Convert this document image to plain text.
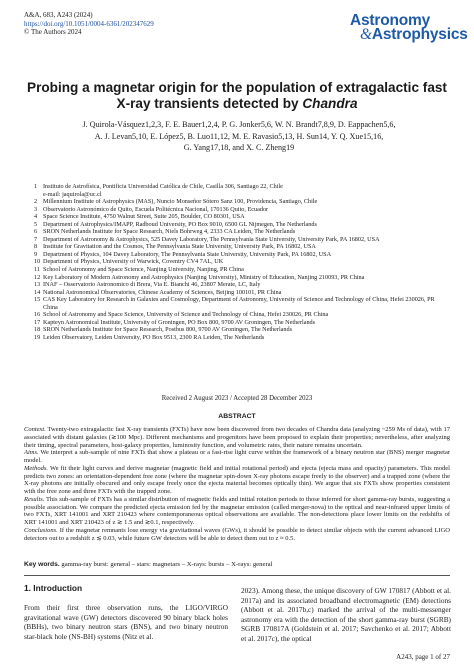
A&A, 683, A243 (2024)
https://doi.org/10.1051/0004-6361/202347629
© The Authors 2024
Astronomy
&Astrophysics
Probing a magnetar origin for the population of extragalactic fast
X-ray transients detected by Chandra
J. Quirola-Vásquez1,2,3, F. E. Bauer1,2,4, P. G. Jonker5,6, W. N. Brandt7,8,9, D. Eappachen5,6,
A. J. Levan5,10, E. López5, B. Luo11,12, M. E. Ravasio5,13, H. Sun14, Y. Q. Xue15,16,
G. Yang17,18, and X. C. Zheng19
1 Instituto de Astrofísica, Pontificia Universidad Católica de Chile, Casilla 306, Santiago 22, Chile
e-mail: jaquirola@uc.cl
2 Millennium Institute of Astrophysics (MAS), Nuncio Monseñor Sótero Sanz 100, Providencia, Santiago, Chile
3 Observatorio Astronómico de Quito, Escuela Politécnica Nacional, 170136 Quito, Ecuador
4 Space Science Institute, 4750 Walnut Street, Suite 205, Boulder, CO 80301, USA
5 Department of Astrophysics/IMAPP, Radboud University, PO Box 9010, 6500 GL Nijmegen, The Netherlands
6 SRON Netherlands Institute for Space Research, Niels Bohrweg 4, 2333 CA Leiden, The Netherlands
7 Department of Astronomy & Astrophysics, 525 Davey Laboratory, The Pennsylvania State University, University Park, PA 16802, USA
8 Institute for Gravitation and the Cosmos, The Pennsylvania State University, University Park, PA 16802, USA
9 Department of Physics, 104 Davey Laboratory, The Pennsylvania State University, University Park, PA 16802, USA
10 Department of Physics, University of Warwick, Coventry CV4 7AL, UK
11 School of Astronomy and Space Science, Nanjing University, Nanjing, PR China
12 Key Laboratory of Modern Astronomy and Astrophysics (Nanjing University), Ministry of Education, Nanjing 210093, PR China
13 INAF – Osservatorio Astronomico di Brera, Via E. Bianchi 46, 23807 Merate, LC, Italy
14 National Astronomical Observatories, Chinese Academy of Sciences, Beijing 100101, PR China
15 CAS Key Laboratory for Research in Galaxies and Cosmology, Department of Astronomy, University of Science and Technology of China, Hefei 230026, PR China
16 School of Astronomy and Space Science, University of Science and Technology of China, Hefei 230026, PR China
17 Kapteyn Astronomical Institute, University of Groningen, PO Box 800, 9700 AV Groningen, The Netherlands
18 SRON Netherlands Institute for Space Research, Postbus 800, 9700 AV Groningen, The Netherlands
19 Leiden Observatory, Leiden University, PO Box 9513, 2300 RA Leiden, The Netherlands
Received 2 August 2023 / Accepted 28 December 2023
ABSTRACT

Context. Twenty-two extragalactic fast X-ray transients (FXTs) have now been discovered from two decades of Chandra data (analyzing ~259 Ms of data), with 17 associated with distant galaxies (≳100 Mpc). Different mechanisms and progenitors have been proposed to explain their properties; nevertheless, after analyzing their timing, spectral parameters, host-galaxy properties, luminosity function, and volumetric rates, their nature remains uncertain.

Aims. We interpret a sub-sample of nine FXTs that show a plateau or a fast-rise light curve within the framework of a binary neutron star (BNS) merger magnetar model.

Methods. We fit their light curves and derive magnetar (magnetic field and initial rotational period) and ejecta (ejecta mass and opacity) parameters. This model predicts two zones: an orientation-dependent free zone (where the magnetar spin-down X-ray photons escape freely to the observer) and a trapped zone (where the X-ray photons are initially obscured and only escape freely once the ejecta material becomes optically thin). We argue that six FXTs show properties consistent with the free zone and three FXTs with the trapped zone.

Results. This sub-sample of FXTs has a similar distribution of magnetic fields and initial rotation periods to those inferred for short gamma-ray bursts, suggesting a possible association. We compare the predicted ejecta emission fed by the magnetar emission (called merger-nova) to the optical and near-infrared upper limits of two FXTs, XRT 141001 and XRT 210423 where contemporaneous optical observations are available. The non-detections place lower limits on the redshifts of XRT 141001 and XRT 210423 of z ≳ 1.5 and ≳0.1, respectively.

Conclusions. If the magnetar remnants lose energy via gravitational waves (GWs), it should be possible to detect similar objects with the current advanced LIGO detectors out to a redshift z ≲ 0.03, while future GW detectors will be able to detect them out to z ≈ 0.5.

Key words. gamma-ray burst: general – stars: magnetars – X-rays: bursts – X-rays: general
1. Introduction
From their first three observation runs, the LIGO/VIRGO gravitational wave (GW) detectors discovered 90 binary black holes (BBHs), two binary neutron stars (BNS), and two binary neutron star-black hole (NS-BH) systems (Nitz et al.
2023). Among these, the unique discovery of GW 170817 (Abbott et al. 2017a) and its associated broadband electromagnetic (EM) detections (Abbott et al. 2017b,c) marked the arrival of the multi-messenger astronomy era with the detection of the short gamma-ray burst (SGRB) SGRB 170817A (Goldstein et al. 2017; Savchenko et al. 2017; Abbott et al. 2017c), the optical
A243, page 1 of 27
